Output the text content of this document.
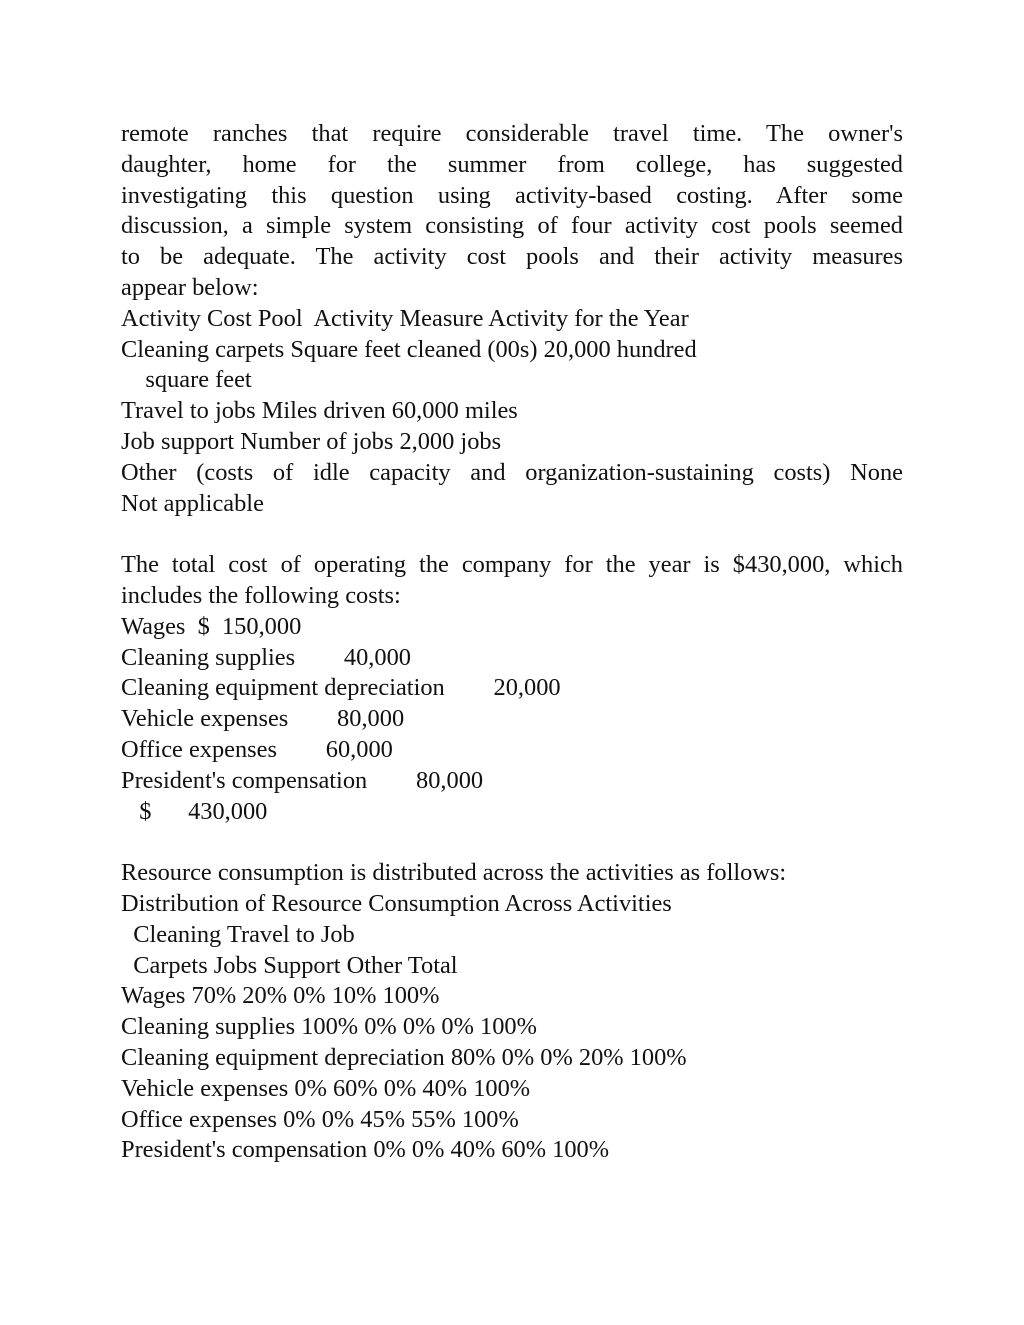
remote ranches that require considerable travel time. The owner's
daughter, home for the summer from college, has suggested
investigating this question using activity-based costing. After some
discussion, a simple system consisting of four activity cost pools seemed
to be adequate. The activity cost pools and their activity measures
appear below:
Activity Cost Pool  Activity Measure Activity for the Year
Cleaning carpets Square feet cleaned (00s) 20,000 hundred
square feet
Travel to jobs Miles driven 60,000 miles
Job support Number of jobs 2,000 jobs
Other (costs of idle capacity and organization-sustaining costs) None
Not applicable
The total cost of operating the company for the year is $430,000, which
includes the following costs:
Wages  $  150,000
Cleaning supplies        40,000
Cleaning equipment depreciation        20,000
Vehicle expenses        80,000
Office expenses        60,000
President's compensation        80,000
$      430,000
Resource consumption is distributed across the activities as follows:
Distribution of Resource Consumption Across Activities
Cleaning Travel to Job
Carpets Jobs Support Other Total
Wages 70% 20% 0% 10% 100%
Cleaning supplies 100% 0% 0% 0% 100%
Cleaning equipment depreciation 80% 0% 0% 20% 100%
Vehicle expenses 0% 60% 0% 40% 100%
Office expenses 0% 0% 45% 55% 100%
President's compensation 0% 0% 40% 60% 100%
